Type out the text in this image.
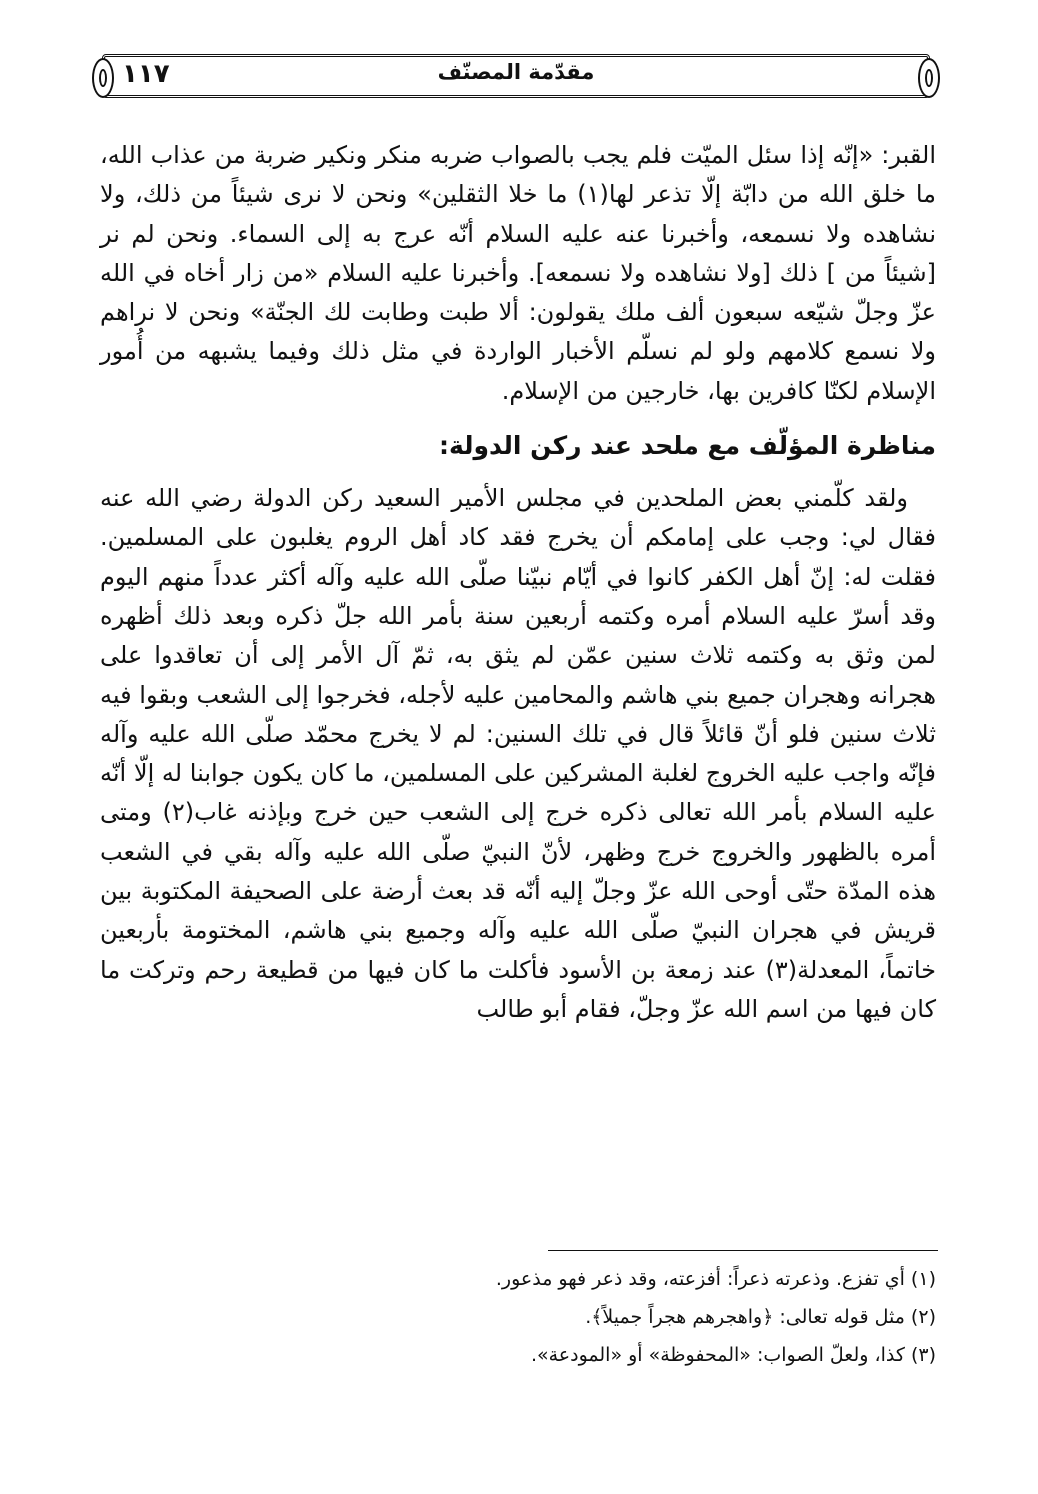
١١٧	مقدّمة المصنّف

القبر: «إنّه إذا سئل الميّت فلم يجب بالصواب ضربه منكر ونكير ضربة من عذاب الله، ما خلق الله من دابّة إلّا تذعر لها(١) ما خلا الثقلين» ونحن لا نرى شيئاً من ذلك، ولا نشاهده ولا نسمعه، وأخبرنا عنه عليه السلام أنّه عرج به إلى السماء. ونحن لم نر [شيئاً من ] ذلك [ولا نشاهده ولا نسمعه]. وأخبرنا عليه السلام «من زار أخاه في الله عزّ وجلّ شيّعه سبعون ألف ملك يقولون: ألا طبت وطابت لك الجنّة» ونحن لا نراهم ولا نسمع كلامهم ولو لم نسلّم الأخبار الواردة في مثل ذلك وفيما يشبهه من أُمور الإسلام لكنّا كافرين بها، خارجين من الإسلام.

مناظرة المؤلّف مع ملحد عند ركن الدولة:

ولقد كلّمني بعض الملحدين في مجلس الأمير السعيد ركن الدولة رضي الله عنه فقال لي: وجب على إمامكم أن يخرج فقد كاد أهل الروم يغلبون على المسلمين. فقلت له: إنّ أهل الكفر كانوا في أيّام نبيّنا صلّى الله عليه وآله أكثر عدداً منهم اليوم وقد أسرّ عليه السلام أمره وكتمه أربعين سنة بأمر الله جلّ ذكره وبعد ذلك أظهره لمن وثق به وكتمه ثلاث سنين عمّن لم يثق به، ثمّ آل الأمر إلى أن تعاقدوا على هجرانه وهجران جميع بني هاشم والمحامين عليه لأجله، فخرجوا إلى الشعب وبقوا فيه ثلاث سنين فلو أنّ قائلاً قال في تلك السنين: لم لا يخرج محمّد صلّى الله عليه وآله فإنّه واجب عليه الخروج لغلبة المشركين على المسلمين، ما كان يكون جوابنا له إلّا أنّه عليه السلام بأمر الله تعالى ذكره خرج إلى الشعب حين خرج وبإذنه غاب(٢) ومتى أمره بالظهور والخروج خرج وظهر، لأنّ النبيّ صلّى الله عليه وآله بقي في الشعب هذه المدّة حتّى أوحى الله عزّ وجلّ إليه أنّه قد بعث أرضة على الصحيفة المكتوبة بين قريش في هجران النبيّ صلّى الله عليه وآله وجميع بني هاشم، المختومة بأربعين خاتماً، المعدلة(٣) عند زمعة بن الأسود فأكلت ما كان فيها من قطيعة رحم وتركت ما كان فيها من اسم الله عزّ وجلّ، فقام أبو طالب

(١) أي تفزع. وذعرته ذعراً: أفزعته، وقد ذعر فهو مذعور.

(٢) مثل قوله تعالى: ﴿واهجرهم هجراً جميلاً﴾.

(٣) كذا، ولعلّ الصواب: «المحفوظة» أو «المودعة».
